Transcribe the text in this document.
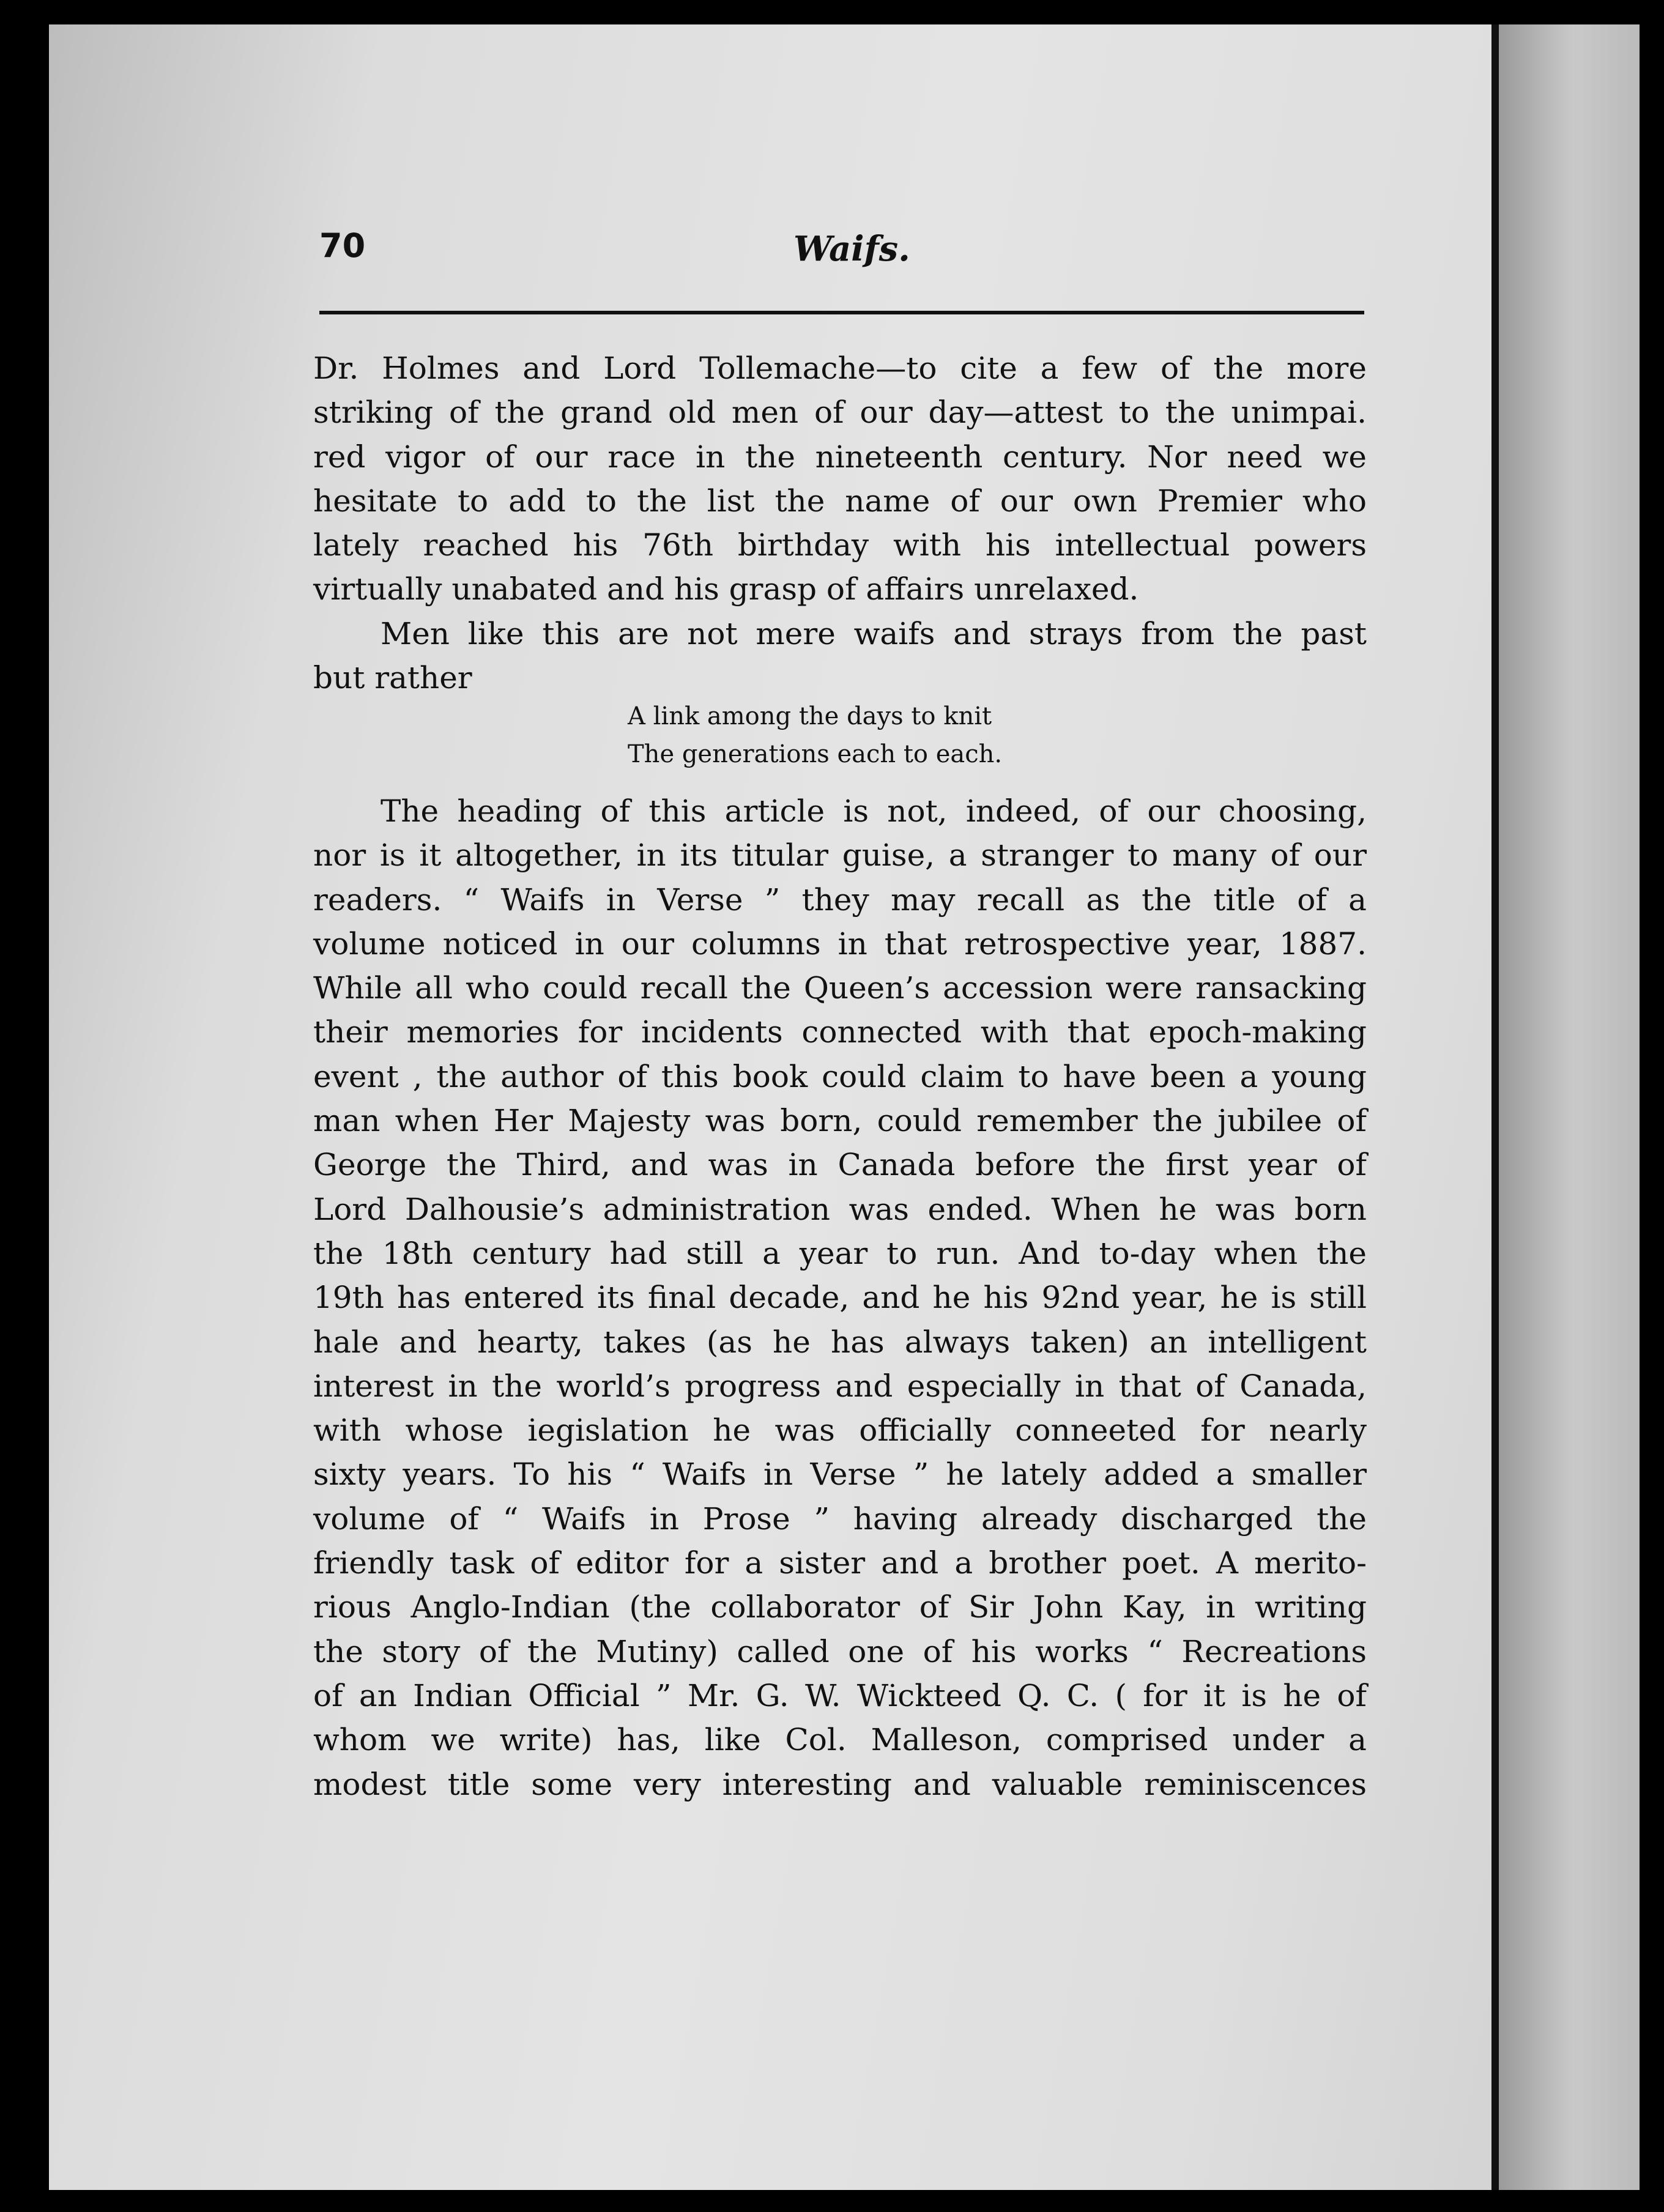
70	Waifs.
Dr. Holmes and Lord Tollemache—to cite a few of the more
striking of the grand old men of our day—attest to the unimpai.
red vigor of our race in the nineteenth century. Nor need we
hesitate to add to the list the name of our own Premier who
lately reached his 76th birthday with his intellectual powers
virtually unabated and his grasp of affairs unrelaxed.
Men like this are not mere waifs and strays from the past
but rather
A link among the days to knit
The generations each to each.
The heading of this article is not, indeed, of our choosing,
nor is it altogether, in its titular guise, a stranger to many of our
readers. “ Waifs in Verse ” they may recall as the title of a
volume noticed in our columns in that retrospective year, 1887.
While all who could recall the Queen’s accession were ransacking
their memories for incidents connected with that epoch-making
event , the author of this book could claim to have been a young
man when Her Majesty was born, could remember the jubilee of
George the Third, and was in Canada before the first year of
Lord Dalhousie’s administration was ended. When he was born
the 18th century had still a year to run. And to-day when the
19th has entered its final decade, and he his 92nd year, he is still
hale and hearty, takes (as he has always taken) an intelligent
interest in the world’s progress and especially in that of Canada,
with whose iegislation he was officially conneeted for nearly
sixty years. To his “ Waifs in Verse ” he lately added a smaller
volume of “ Waifs in Prose ” having already discharged the
friendly task of editor for a sister and a brother poet. A merito-
rious Anglo-Indian (the collaborator of Sir John Kay, in writing
the story of the Mutiny) called one of his works “ Recreations
of an Indian Official ” Mr. G. W. Wickteed Q. C. ( for it is he of
whom we write) has, like Col. Malleson, comprised under a
modest title some very interesting and valuable reminiscences
